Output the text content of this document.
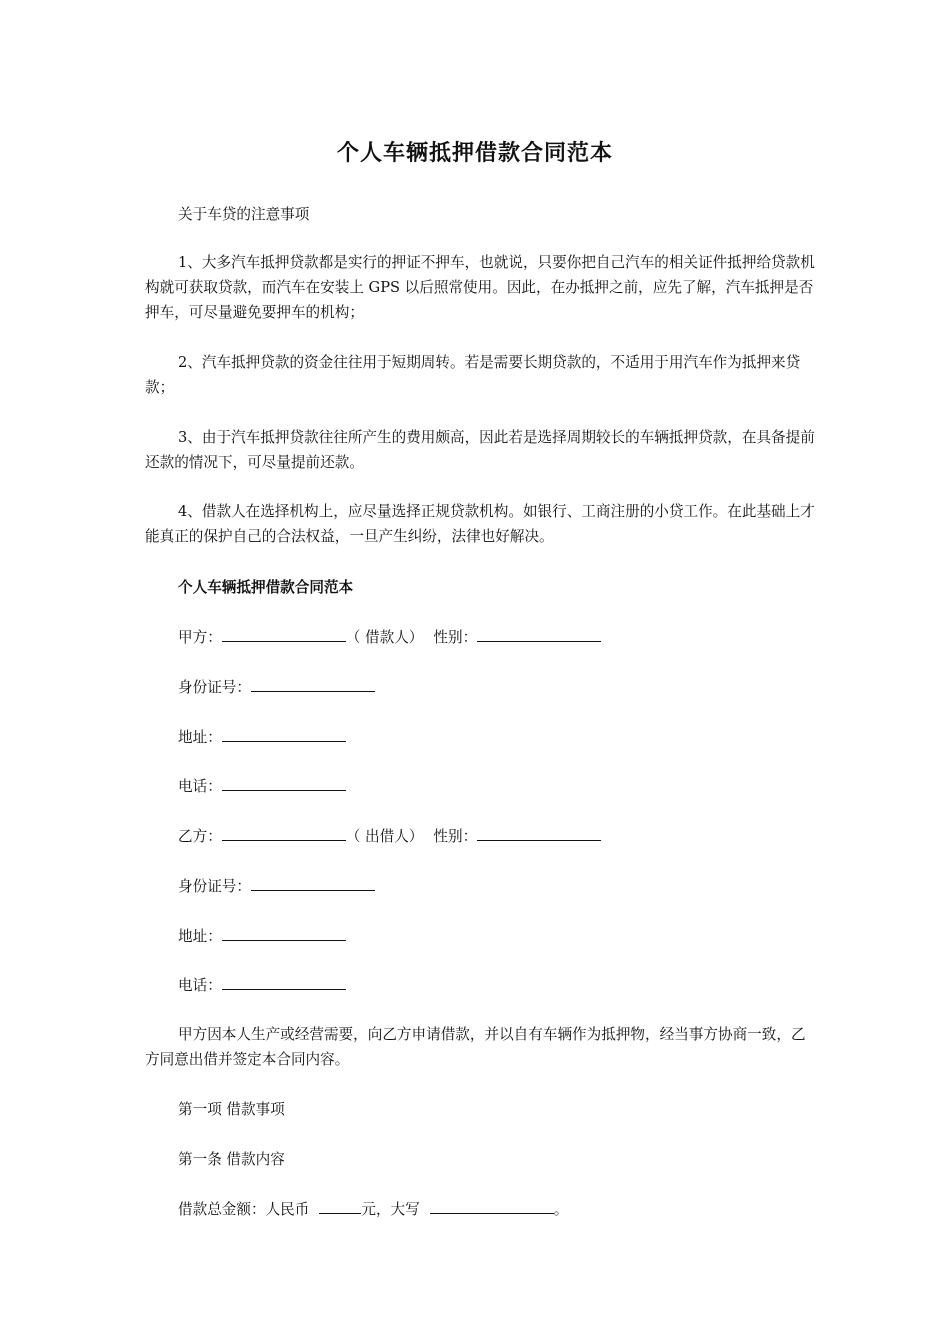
个人车辆抵押借款合同范本
关于车贷的注意事项
1、大多汽车抵押贷款都是实行的押证不押车，也就说，只要你把自己汽车的相关证件抵押给贷款机构就可获取贷款，而汽车在安装上 GPS 以后照常使用。因此，在办抵押之前，应先了解，汽车抵押是否押车，可尽量避免要押车的机构；
2、汽车抵押贷款的资金往往用于短期周转。若是需要长期贷款的，不适用于用汽车作为抵押来贷款；
3、由于汽车抵押贷款往往所产生的费用颇高，因此若是选择周期较长的车辆抵押贷款，在具备提前还款的情况下，可尽量提前还款。
4、借款人在选择机构上，应尽量选择正规贷款机构。如银行、工商注册的小贷工作。在此基础上才能真正的保护自己的合法权益，一旦产生纠纷，法律也好解决。
个人车辆抵押借款合同范本
甲方：	（ 借款人） 性别：
身份证号：
地址：
电话：
乙方：	（ 出借人） 性别：
身份证号：
地址：
电话：
甲方因本人生产或经营需要，向乙方申请借款，并以自有车辆作为抵押物，经当事方协商一致，乙方同意出借并签定本合同内容。
第一项 借款事项
第一条 借款内容
借款总金额：人民币	元，大写	。
